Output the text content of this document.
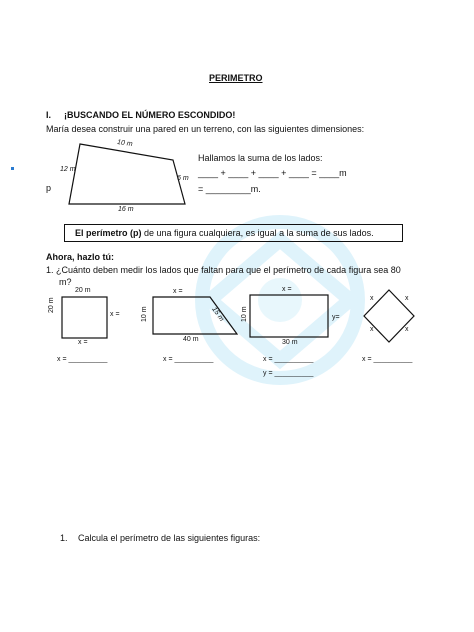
PERIMETRO
I. ¡BUSCANDO EL NÚMERO ESCONDIDO!
María desea construir una pared en un terreno, con las siguientes dimensiones:
10 m
12 m
6 m
16 m
p
Hallamos la suma de los lados:
____ + ____ + ____ + ____ = ____m
= _________m.
El perímetro (p) de una figura cualquiera, es igual a la suma de sus lados.
Ahora, hazlo tú:
1. ¿Cuánto deben medir los lados que faltan para que el perímetro de cada figura sea 80
m?
20 m
20 m
x =
x =
x = __________
x =
10 m	15 m
40 m
x = __________
x =
10 m	y=
30 m
x = __________
y = __________
x	x
x	x
x = __________
1. Calcula el perímetro de las siguientes figuras:
